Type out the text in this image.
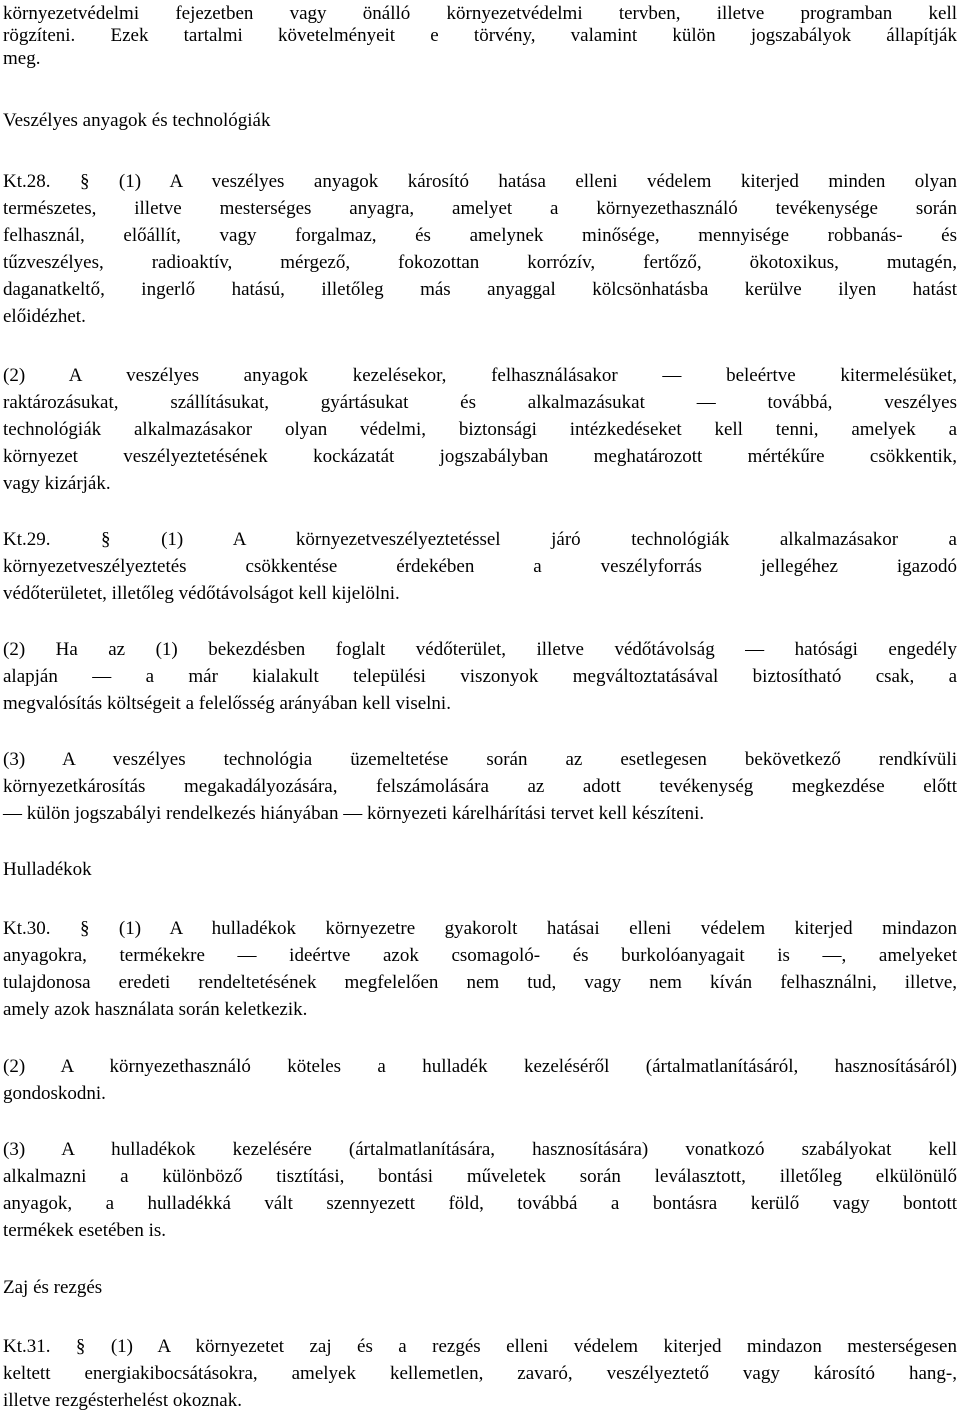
környezetvédelmi fejezetben vagy önálló környezetvédelmi tervben, illetve programban kell
rögzíteni. Ezek tartalmi követelményeit e törvény, valamint külön jogszabályok állapítják
meg.
Veszélyes anyagok és technológiák
Kt.28. § (1) A veszélyes anyagok károsító hatása elleni védelem kiterjed minden olyan
természetes, illetve mesterséges anyagra, amelyet a környezethasználó tevékenysége során
felhasznál, előállít, vagy forgalmaz, és amelynek minősége, mennyisége robbanás- és
tűzveszélyes, radioaktív, mérgező, fokozottan korrózív, fertőző, ökotoxikus, mutagén,
daganatkeltő, ingerlő hatású, illetőleg más anyaggal kölcsönhatásba kerülve ilyen hatást
előidézhet.
(2) A veszélyes anyagok kezelésekor, felhasználásakor — beleértve kitermelésüket,
raktározásukat, szállításukat, gyártásukat és alkalmazásukat — továbbá, veszélyes
technológiák alkalmazásakor olyan védelmi, biztonsági intézkedéseket kell tenni, amelyek a
környezet veszélyeztetésének kockázatát jogszabályban meghatározott mértékűre csökkentik,
vagy kizárják.
Kt.29. § (1) A környezetveszélyeztetéssel járó technológiák alkalmazásakor a
környezetveszélyeztetés csökkentése érdekében a veszélyforrás jellegéhez igazodó
védőterületet, illetőleg védőtávolságot kell kijelölni.
(2) Ha az (1) bekezdésben foglalt védőterület, illetve védőtávolság — hatósági engedély
alapján — a már kialakult települési viszonyok megváltoztatásával biztosítható csak, a
megvalósítás költségeit a felelősség arányában kell viselni.
(3) A veszélyes technológia üzemeltetése során az esetlegesen bekövetkező rendkívüli
környezetkárosítás megakadályozására, felszámolására az adott tevékenység megkezdése előtt
— külön jogszabályi rendelkezés hiányában — környezeti kárelhárítási tervet kell készíteni.
Hulladékok
Kt.30. § (1) A hulladékok környezetre gyakorolt hatásai elleni védelem kiterjed mindazon
anyagokra, termékekre — ideértve azok csomagoló- és burkolóanyagait is —, amelyeket
tulajdonosa eredeti rendeltetésének megfelelően nem tud, vagy nem kíván felhasználni, illetve,
amely azok használata során keletkezik.
(2) A környezethasználó köteles a hulladék kezeléséről (ártalmatlanításáról, hasznosításáról)
gondoskodni.
(3) A hulladékok kezelésére (ártalmatlanítására, hasznosítására) vonatkozó szabályokat kell
alkalmazni a különböző tisztítási, bontási műveletek során leválasztott, illetőleg elkülönülő
anyagok, a hulladékká vált szennyezett föld, továbbá a bontásra kerülő vagy bontott
termékek esetében is.
Zaj és rezgés
Kt.31. § (1) A környezetet zaj és a rezgés elleni védelem kiterjed mindazon mesterségesen
keltett energiakibocsátásokra, amelyek kellemetlen, zavaró, veszélyeztető vagy károsító hang-,
illetve rezgésterhelést okoznak.
